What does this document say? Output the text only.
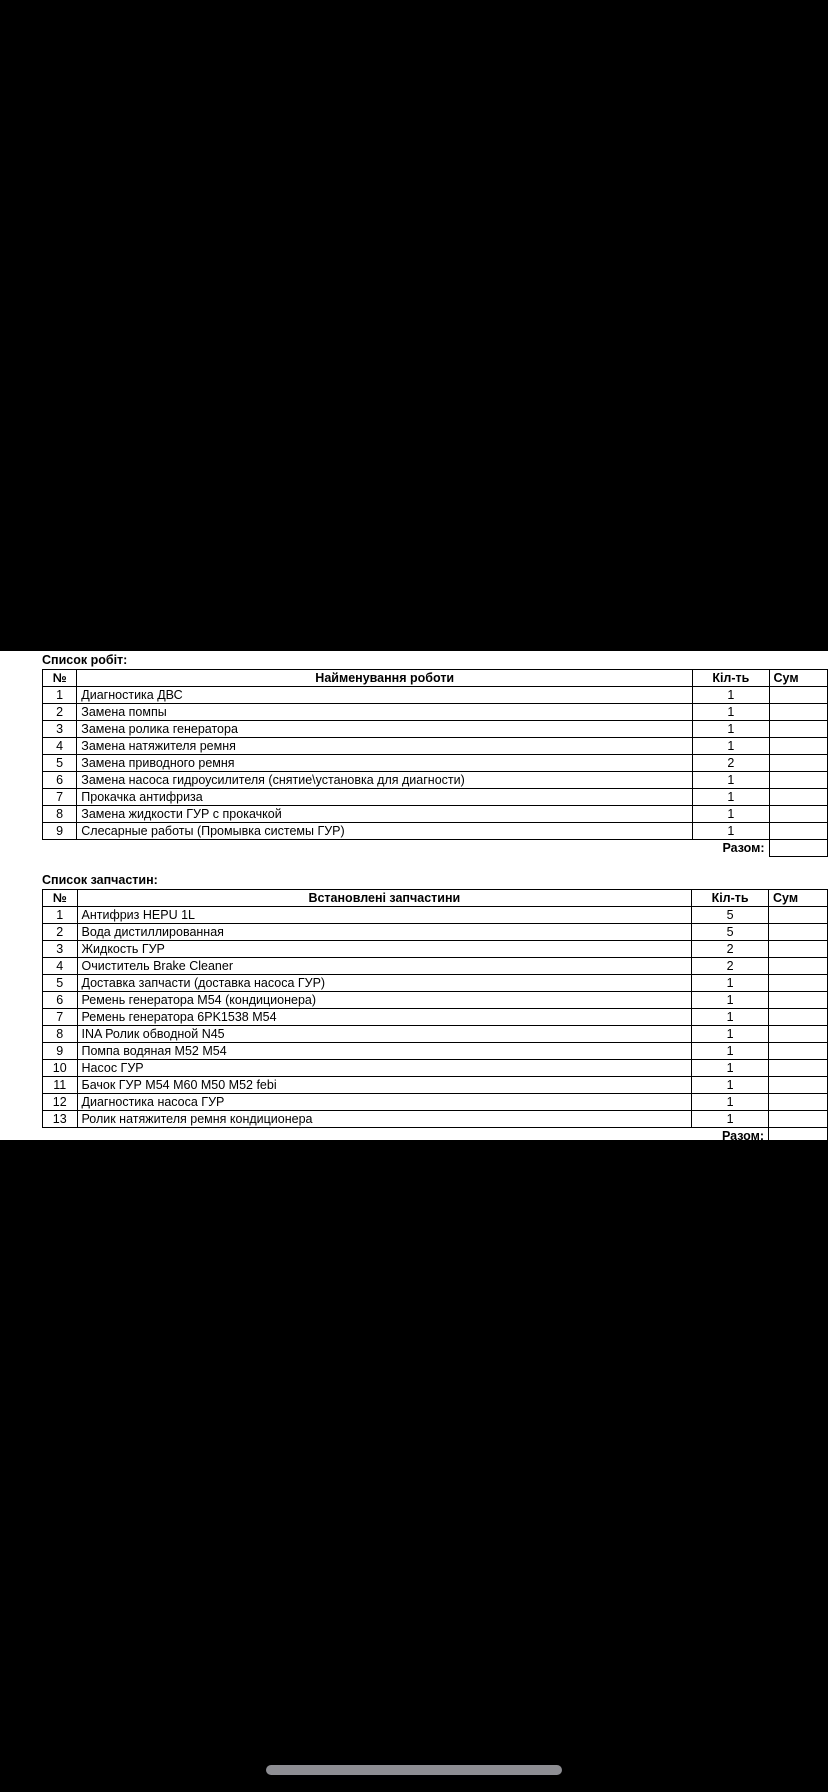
Список робіт:
№	Найменування роботи	Кіл-ть	Сум
1	Диагностика ДВС	1	
2	Замена помпы	1	
3	Замена ролика генератора	1	
4	Замена натяжителя ремня	1	
5	Замена приводного ремня	2	
6	Замена насоса гидроусилителя (снятие\установка для диагности)	1	
7	Прокачка антифриза	1	
8	Замена жидкости ГУР с прокачкой	1	
9	Слесарные работы (Промывка системы ГУР)	1	
		Разом:	
Список запчастин:
№	Встановлені запчастини	Кіл-ть	Сум
1	Антифриз HEPU 1L	5	
2	Вода дистиллированная	5	
3	Жидкость ГУР	2	
4	Очиститель Brake Cleaner	2	
5	Доставка запчасти (доставка насоса ГУР)	1	
6	Ремень генератора M54 (кондиционера)	1	
7	Ремень генератора 6PK1538 M54	1	
8	INA Ролик обводной N45	1	
9	Помпа водяная M52 M54	1	
10	Насос ГУР	1	
11	Бачок ГУР M54 M60 M50 M52 febi	1	
12	Диагностика насоса ГУР	1	
13	Ролик натяжителя ремня кондиционера	1	
		Разом:	
